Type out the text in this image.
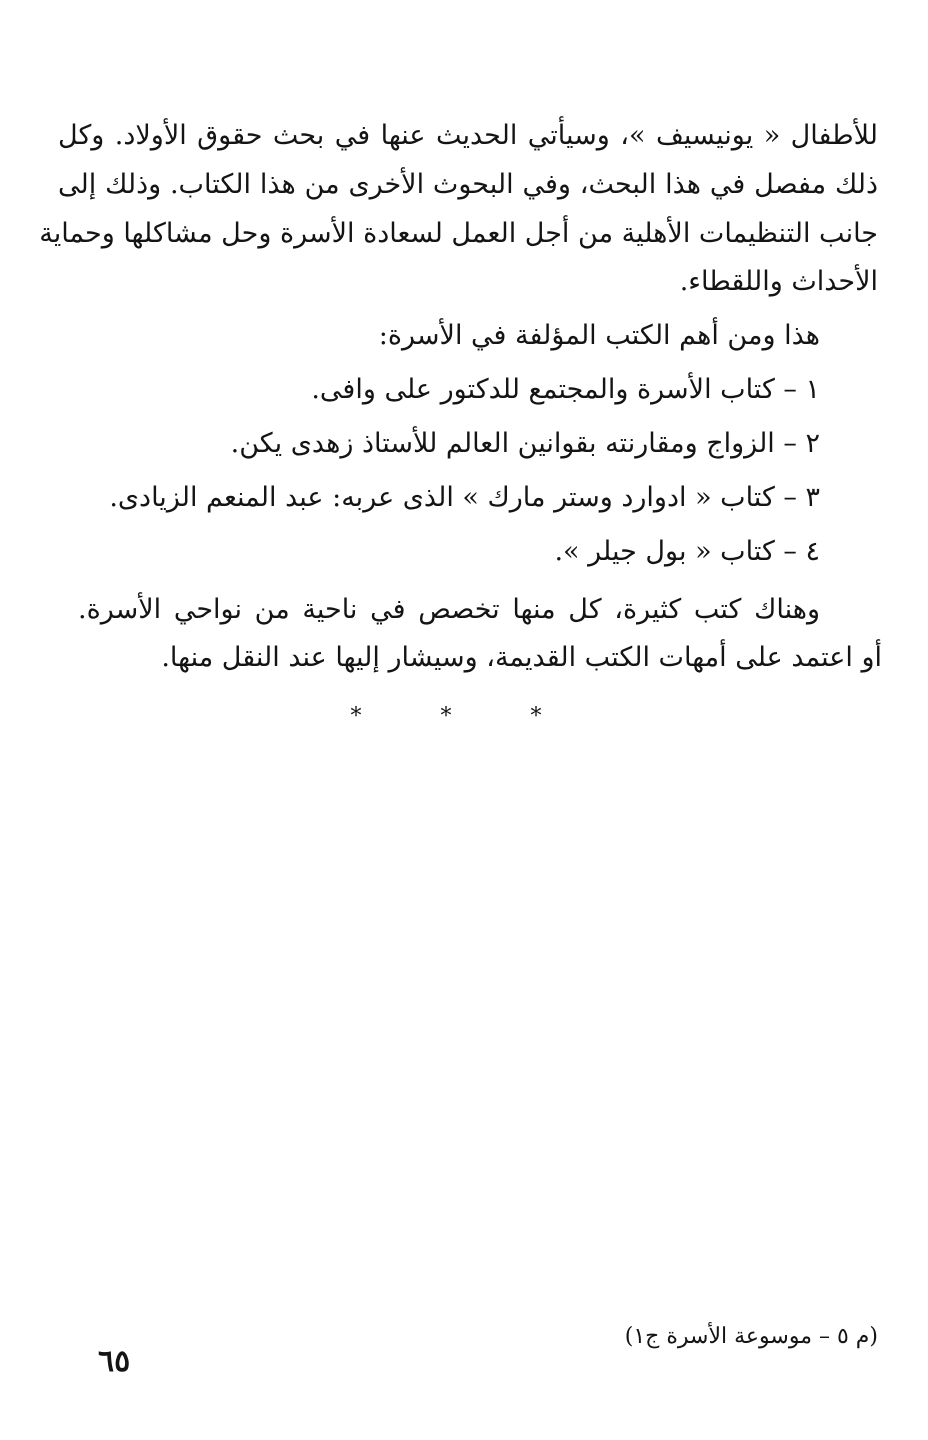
للأطفال « يونيسيف »، وسيأتي الحديث عنها في بحث حقوق الأولاد. وكل
ذلك مفصل في هذا البحث، وفي البحوث الأخرى من هذا الكتاب. وذلك إلى
جانب التنظيمات الأهلية من أجل العمل لسعادة الأسرة وحل مشاكلها وحماية
الأحداث واللقطاء.
هذا ومن أهم الكتب المؤلفة في الأسرة:
١ – كتاب الأسرة والمجتمع للدكتور على وافى.
٢ – الزواج ومقارنته بقوانين العالم للأستاذ زهدى يكن.
٣ – كتاب « ادوارد وستر مارك » الذى عربه: عبد المنعم الزيادى.
٤ – كتاب « بول جيلر ».
وهناك كتب كثيرة، كل منها تخصص في ناحية من نواحي الأسرة.
أو اعتمد على أمهات الكتب القديمة، وسيشار إليها عند النقل منها.
* * *
(م ٥ – موسوعة الأسرة ج١)
٦٥
